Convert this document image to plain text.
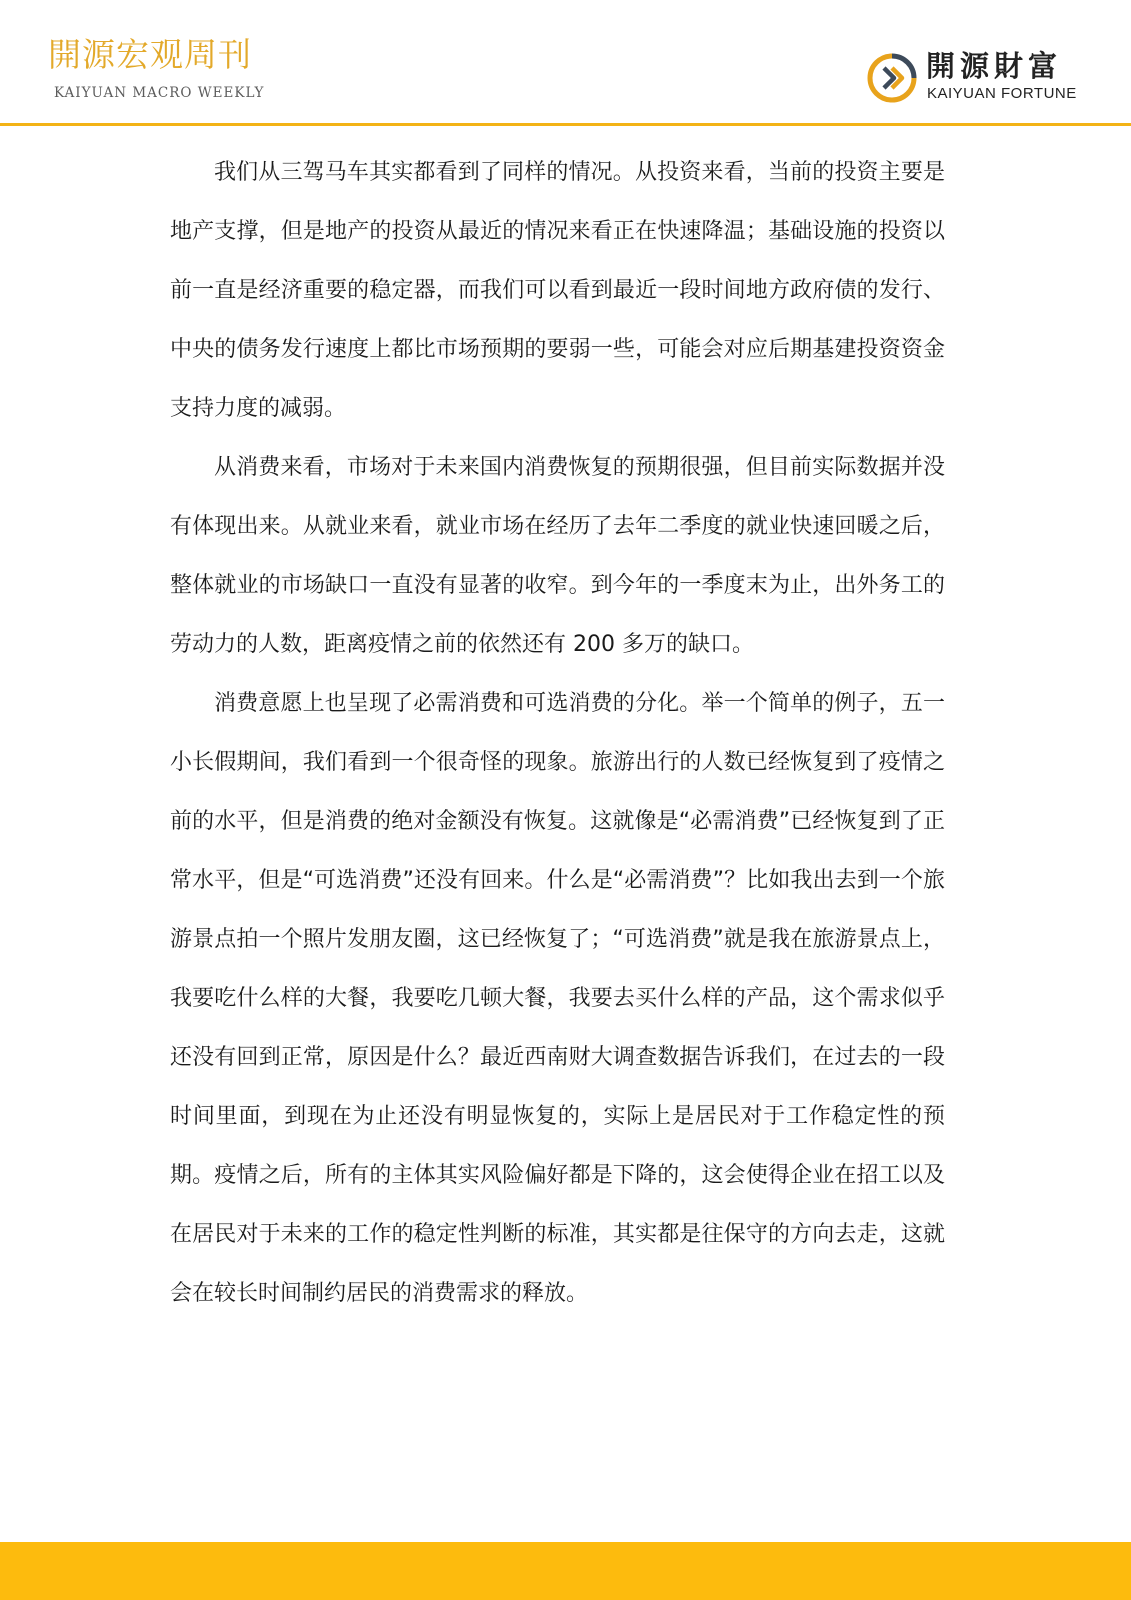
開源宏观周刊
KAIYUAN MACRO WEEKLY
開源財富
KAIYUAN FORTUNE

我们从三驾马车其实都看到了同样的情况。从投资来看，当前的投资主要是地产支撑，但是地产的投资从最近的情况来看正在快速降温；基础设施的投资以前一直是经济重要的稳定器，而我们可以看到最近一段时间地方政府债的发行、中央的债务发行速度上都比市场预期的要弱一些，可能会对应后期基建投资资金支持力度的减弱。

从消费来看，市场对于未来国内消费恢复的预期很强，但目前实际数据并没有体现出来。从就业来看，就业市场在经历了去年二季度的就业快速回暖之后，整体就业的市场缺口一直没有显著的收窄。到今年的一季度末为止，出外务工的劳动力的人数，距离疫情之前的依然还有 200 多万的缺口。

消费意愿上也呈现了必需消费和可选消费的分化。举一个简单的例子，五一小长假期间，我们看到一个很奇怪的现象。旅游出行的人数已经恢复到了疫情之前的水平，但是消费的绝对金额没有恢复。这就像是“必需消费”已经恢复到了正常水平，但是“可选消费”还没有回来。什么是“必需消费”？比如我出去到一个旅游景点拍一个照片发朋友圈，这已经恢复了；“可选消费”就是我在旅游景点上，我要吃什么样的大餐，我要吃几顿大餐，我要去买什么样的产品，这个需求似乎还没有回到正常，原因是什么？最近西南财大调查数据告诉我们，在过去的一段时间里面，到现在为止还没有明显恢复的，实际上是居民对于工作稳定性的预期。疫情之后，所有的主体其实风险偏好都是下降的，这会使得企业在招工以及在居民对于未来的工作的稳定性判断的标准，其实都是往保守的方向去走，这就会在较长时间制约居民的消费需求的释放。
